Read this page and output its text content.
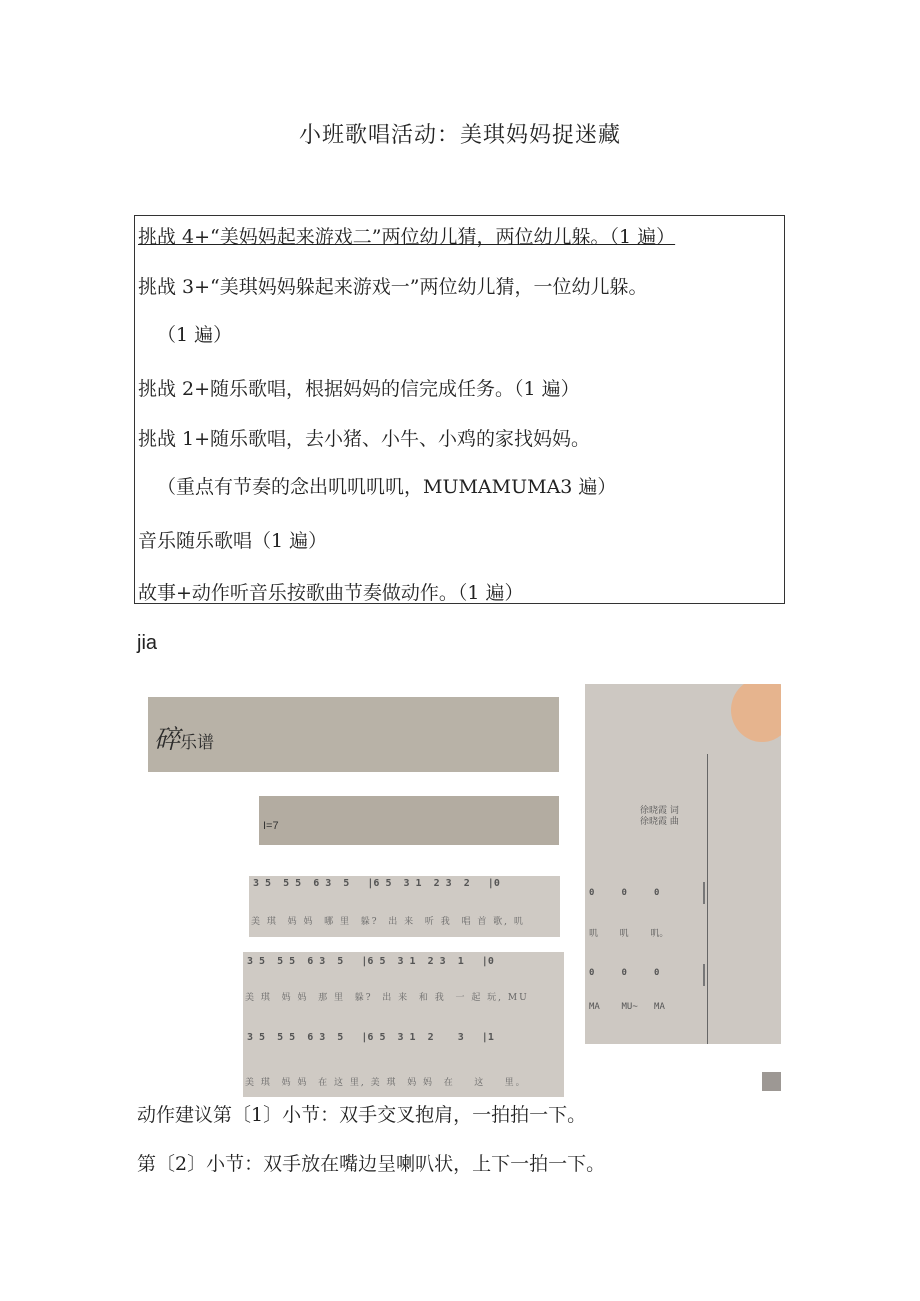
小班歌唱活动：美琪妈妈捉迷藏
挑战 4+“美妈妈起来游戏二”两位幼儿猜，两位幼儿躲。（1 遍）
挑战 3+“美琪妈妈躲起来游戏一”两位幼儿猜，一位幼儿躲。
（1 遍）
挑战 2+随乐歌唱，根据妈妈的信完成任务。（1 遍）
挑战 1+随乐歌唱，去小猪、小牛、小鸡的家找妈妈。
（重点有节奏的念出叽叽叽叽，MUMAMUMA3 遍）
音乐随乐歌唱（1 遍）
故事+动作听音乐按歌曲节奏做动作。（1 遍）
jia
碎乐谱
I=7
3 5  5 5  6 3  5   |6 5  3 1  2 3  2   |0
美 琪  妈 妈  哪 里  躲?  出 来  听 我  唱 首 歌, 叽
3 5  5 5  6 3  5   |6 5  3 1  2 3  1   |0
美 琪  妈 妈  那 里  躲?  出 来  和 我  一 起 玩, MU
3 5  5 5  6 3  5   |6 5  3 1  2    3   |1
美 琪  妈 妈  在 这 里, 美 琪  妈 妈  在    这    里。
徐晓霞 词
徐晓霞 曲
0     0     0
叽    叽    叽。
0     0     0
MA    MU~   MA
动作建议第〔1〕小节：双手交叉抱肩，一拍拍一下。
第〔2〕小节：双手放在嘴边呈喇叭状，上下一拍一下。
